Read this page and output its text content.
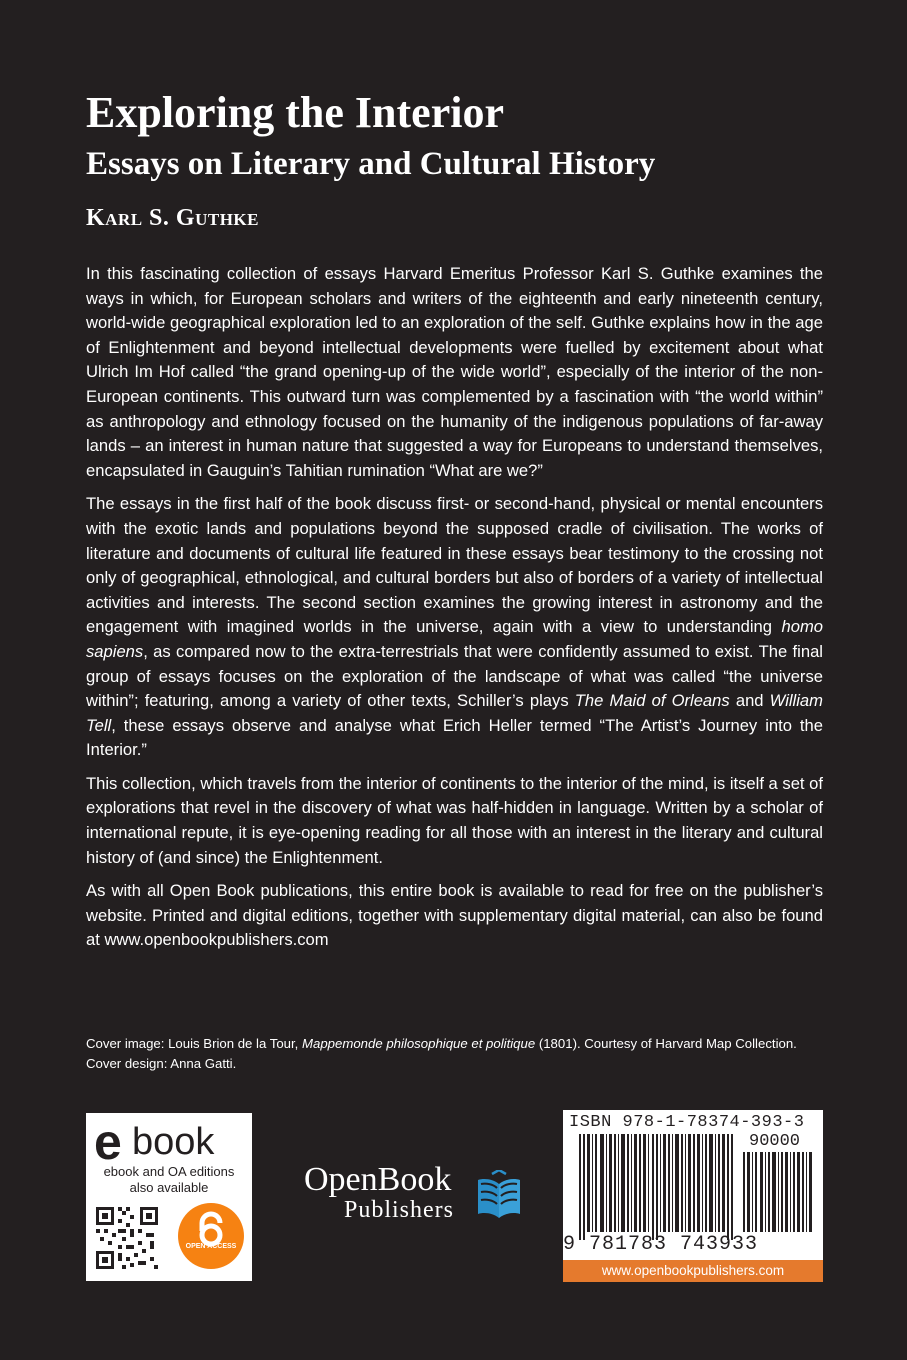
Exploring the Interior
Essays on Literary and Cultural History
Karl S. Guthke

In this fascinating collection of essays Harvard Emeritus Professor Karl S. Guthke examines the ways in which, for European scholars and writers of the eighteenth and early nineteenth century, world-wide geographical exploration led to an exploration of the self. Guthke explains how in the age of Enlightenment and beyond intellectual developments were fuelled by excitement about what Ulrich Im Hof called “the grand opening-up of the wide world”, especially of the interior of the non-European continents. This outward turn was complemented by a fascination with “the world within” as anthropology and ethnology focused on the humanity of the indigenous populations of far-away lands – an interest in human nature that suggested a way for Europeans to understand themselves, encapsulated in Gauguin’s Tahitian rumination “What are we?”

The essays in the first half of the book discuss first- or second-hand, physical or mental encounters with the exotic lands and populations beyond the supposed cradle of civilisation. The works of literature and documents of cultural life featured in these essays bear testimony to the crossing not only of geographical, ethnological, and cultural borders but also of borders of a variety of intellectual activities and interests. The second section examines the growing interest in astronomy and the engagement with imagined worlds in the universe, again with a view to understanding homo sapiens, as compared now to the extra-terrestrials that were confidently assumed to exist. The final group of essays focuses on the exploration of the landscape of what was called “the universe within”; featuring, among a variety of other texts, Schiller’s plays The Maid of Orleans and William Tell, these essays observe and analyse what Erich Heller termed “The Artist’s Journey into the Interior.”

This collection, which travels from the interior of continents to the interior of the mind, is itself a set of explorations that revel in the discovery of what was half-hidden in language. Written by a scholar of international repute, it is eye-opening reading for all those with an interest in the literary and cultural history of (and since) the Enlightenment.

As with all Open Book publications, this entire book is available to read for free on the publisher’s website. Printed and digital editions, together with supplementary digital material, can also be found at www.openbookpublishers.com

Cover image: Louis Brion de la Tour, Mappemonde philosophique et politique (1801). Courtesy of Harvard Map Collection. Cover design: Anna Gatti.

e book
ebook and OA editions
also available
OPEN ACCESS
OpenBook
Publishers
ISBN 978-1-78374-393-3
90000
9 781783 743933
www.openbookpublishers.com
